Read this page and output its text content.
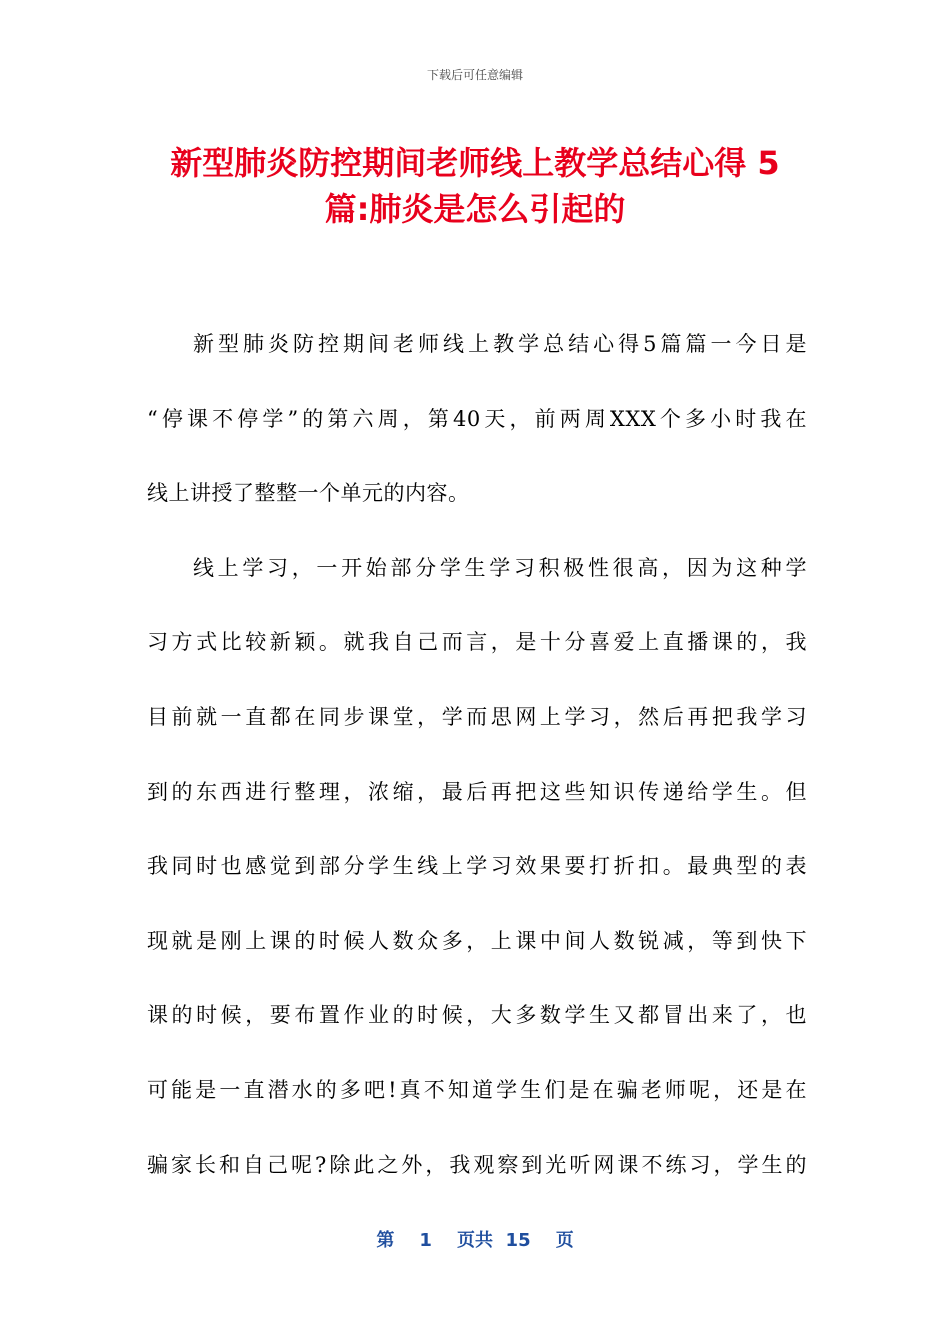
下载后可任意编辑
新型肺炎防控期间老师线上教学总结心得 5
篇:肺炎是怎么引起的
新型肺炎防控期间老师线上教学总结心得5篇篇一今日是
“停课不停学”的第六周，第40天，前两周XXX个多小时我在
线上讲授了整整一个单元的内容。
线上学习，一开始部分学生学习积极性很高，因为这种学
习方式比较新颖。就我自己而言，是十分喜爱上直播课的，我
目前就一直都在同步课堂，学而思网上学习，然后再把我学习
到的东西进行整理，浓缩，最后再把这些知识传递给学生。但
我同时也感觉到部分学生线上学习效果要打折扣。最典型的表
现就是刚上课的时候人数众多，上课中间人数锐减，等到快下
课的时候，要布置作业的时候，大多数学生又都冒出来了，也
可能是一直潜水的多吧!真不知道学生们是在骗老师呢，还是在
骗家长和自己呢?除此之外，我观察到光听网课不练习，学生的
第 1 页共 15 页
